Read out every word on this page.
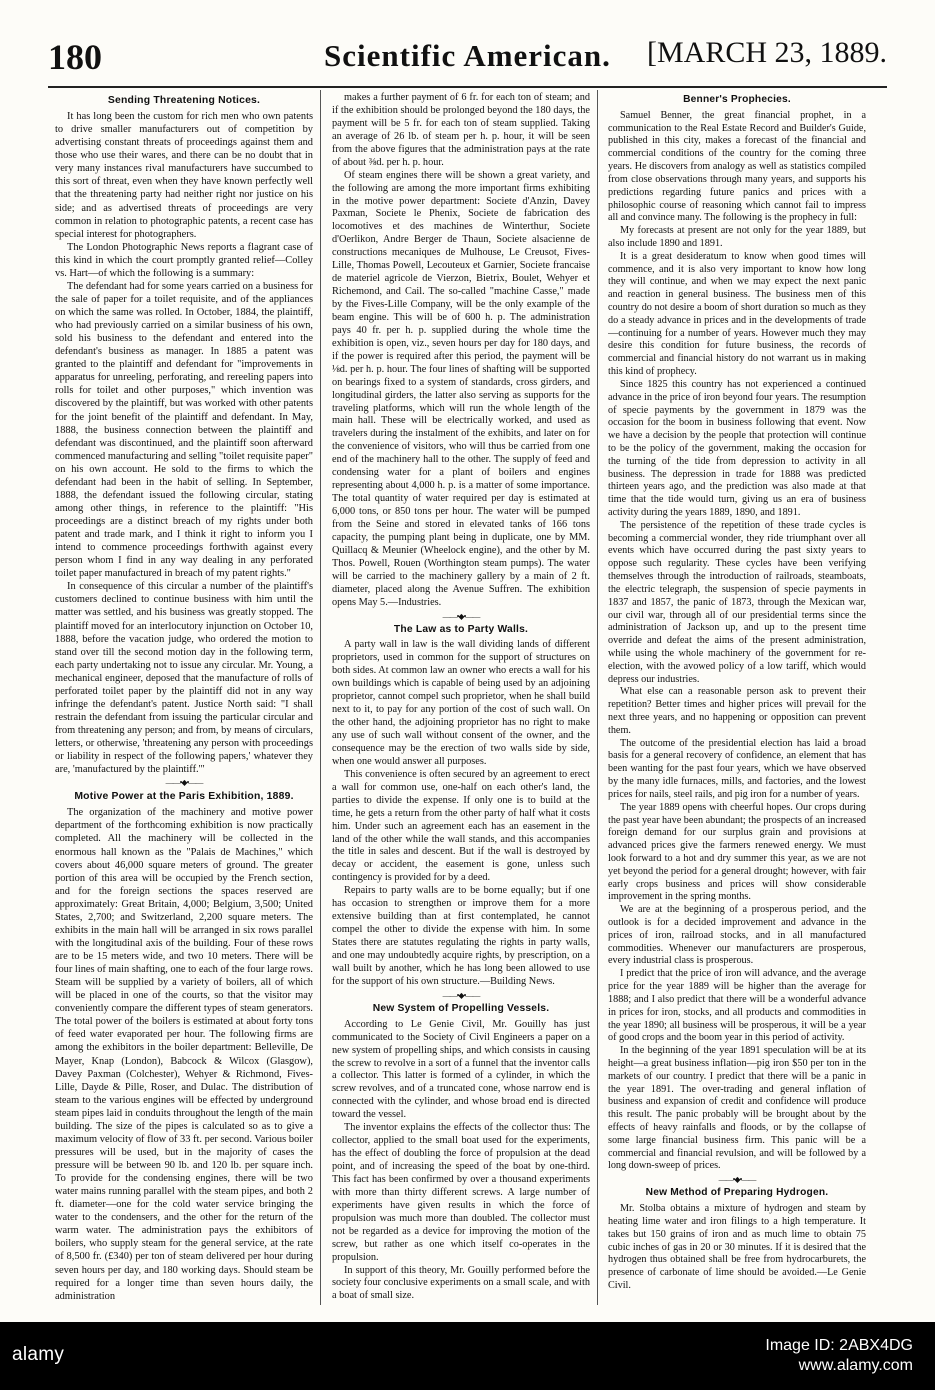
180	Scientific American.	[MARCH 23, 1889.
Sending Threatening Notices.

It has long been the custom for rich men who own patents to drive smaller manufacturers out of competition by advertising constant threats of proceedings against them and those who use their wares, and there can be no doubt that in very many instances rival manufacturers have succumbed to this sort of threat, even when they have known perfectly well that the threatening party had neither right nor justice on his side; and as advertised threats of proceedings are very common in relation to photographic patents, a recent case has special interest for photographers.

The London Photographic News reports a flagrant case of this kind in which the court promptly granted relief—Colley vs. Hart—of which the following is a summary:

The defendant had for some years carried on a business for the sale of paper for a toilet requisite, and of the appliances on which the same was rolled. In October, 1884, the plaintiff, who had previously carried on a similar business of his own, sold his business to the defendant and entered into the defendant's business as manager. In 1885 a patent was granted to the plaintiff and defendant for "improvements in apparatus for unreeling, perforating, and rereeling papers into rolls for toilet and other purposes," which invention was discovered by the plaintiff, but was worked with other patents for the joint benefit of the plaintiff and defendant. In May, 1888, the business connection between the plaintiff and defendant was discontinued, and the plaintiff soon afterward commenced manufacturing and selling "toilet requisite paper" on his own account. He sold to the firms to which the defendant had been in the habit of selling. In September, 1888, the defendant issued the following circular, stating among other things, in reference to the plaintiff: "His proceedings are a distinct breach of my rights under both patent and trade mark, and I think it right to inform you I intend to commence proceedings forthwith against every person whom I find in any way dealing in any perforated toilet paper manufactured in breach of my patent rights."

In consequence of this circular a number of the plaintiff's customers declined to continue business with him until the matter was settled, and his business was greatly stopped. The plaintiff moved for an interlocutory injunction on October 10, 1888, before the vacation judge, who ordered the motion to stand over till the second motion day in the following term, each party undertaking not to issue any circular. Mr. Young, a mechanical engineer, deposed that the manufacture of rolls of perforated toilet paper by the plaintiff did not in any way infringe the defendant's patent. Justice North said: "I shall restrain the defendant from issuing the particular circular and from threatening any person; and from, by means of circulars, letters, or otherwise, 'threatening any person with proceedings or liability in respect of the following papers,' whatever they are, 'manufactured by the plaintiff.'"

——•◆•——
Motive Power at the Paris Exhibition, 1889.

The organization of the machinery and motive power department of the forthcoming exhibition is now practically completed. All the machinery will be collected in the enormous hall known as the "Palais de Machines," which covers about 46,000 square meters of ground. The greater portion of this area will be occupied by the French section, and for the foreign sections the spaces reserved are approximately: Great Britain, 4,000; Belgium, 3,500; United States, 2,700; and Switzerland, 2,200 square meters. The exhibits in the main hall will be arranged in six rows parallel with the longitudinal axis of the building. Four of these rows are to be 15 meters wide, and two 10 meters. There will be four lines of main shafting, one to each of the four large rows. Steam will be supplied by a variety of boilers, all of which will be placed in one of the courts, so that the visitor may conveniently compare the different types of steam generators. The total power of the boilers is estimated at about forty tons of feed water evaporated per hour. The following firms are among the exhibitors in the boiler department: Belleville, De Mayer, Knap (London), Babcock & Wilcox (Glasgow), Davey Paxman (Colchester), Wehyer & Richmond, Fives-Lille, Dayde & Pille, Roser, and Dulac. The distribution of steam to the various engines will be effected by underground steam pipes laid in conduits throughout the length of the main building. The size of the pipes is calculated so as to give a maximum velocity of flow of 33 ft. per second. Various boiler pressures will be used, but in the majority of cases the pressure will be between 90 lb. and 120 lb. per square inch. To provide for the condensing engines, there will be two water mains running parallel with the steam pipes, and both 2 ft. diameter—one for the cold water service bringing the water to the condensers, and the other for the return of the warm water. The administration pays the exhibitors of boilers, who supply steam for the general service, at the rate of 8,500 fr. (£340) per ton of steam delivered per hour during seven hours per day, and 180 working days. Should steam be required for a longer time than seven hours daily, the administration

makes a further payment of 6 fr. for each ton of steam; and if the exhibition should be prolonged beyond the 180 days, the payment will be 5 fr. for each ton of steam supplied. Taking an average of 26 lb. of steam per h. p. hour, it will be seen from the above figures that the administration pays at the rate of about ⅜d. per h. p. hour.

Of steam engines there will be shown a great variety, and the following are among the more important firms exhibiting in the motive power department: Societe d'Anzin, Davey Paxman, Societe le Phenix, Societe de fabrication des locomotives et des machines de Winterthur, Societe d'Oerlikon, Andre Berger de Thaun, Societe alsacienne de constructions mecaniques de Mulhouse, Le Creusot, Fives-Lille, Thomas Powell, Lecouteux et Garnier, Societe francaise de materiel agricole de Vierzon, Bietrix, Boulet, Wehyer et Richemond, and Cail. The so-called "machine Casse," made by the Fives-Lille Company, will be the only example of the beam engine. This will be of 600 h. p. The administration pays 40 fr. per h. p. supplied during the whole time the exhibition is open, viz., seven hours per day for 180 days, and if the power is required after this period, the payment will be ⅛d. per h. p. hour. The four lines of shafting will be supported on bearings fixed to a system of standards, cross girders, and longitudinal girders, the latter also serving as supports for the traveling platforms, which will run the whole length of the main hall. These will be electrically worked, and used as travelers during the instalment of the exhibits, and later on for the convenience of visitors, who will thus be carried from one end of the machinery hall to the other. The supply of feed and condensing water for a plant of boilers and engines representing about 4,000 h. p. is a matter of some importance. The total quantity of water required per day is estimated at 6,000 tons, or 850 tons per hour. The water will be pumped from the Seine and stored in elevated tanks of 166 tons capacity, the pumping plant being in duplicate, one by MM. Quillacq & Meunier (Wheelock engine), and the other by M. Thos. Powell, Rouen (Worthington steam pumps). The water will be carried to the machinery gallery by a main of 2 ft. diameter, placed along the Avenue Suffren. The exhibition opens May 5.—Industries.

——•◆•——
The Law as to Party Walls.

A party wall in law is the wall dividing lands of different proprietors, used in common for the support of structures on both sides. At common law an owner who erects a wall for his own buildings which is capable of being used by an adjoining proprietor, cannot compel such proprietor, when he shall build next to it, to pay for any portion of the cost of such wall. On the other hand, the adjoining proprietor has no right to make any use of such wall without consent of the owner, and the consequence may be the erection of two walls side by side, when one would answer all purposes.

This convenience is often secured by an agreement to erect a wall for common use, one-half on each other's land, the parties to divide the expense. If only one is to build at the time, he gets a return from the other party of half what it costs him. Under such an agreement each has an easement in the land of the other while the wall stands, and this accompanies the title in sales and descent. But if the wall is destroyed by decay or accident, the easement is gone, unless such contingency is provided for by a deed.

Repairs to party walls are to be borne equally; but if one has occasion to strengthen or improve them for a more extensive building than at first contemplated, he cannot compel the other to divide the expense with him. In some States there are statutes regulating the rights in party walls, and one may undoubtedly acquire rights, by prescription, on a wall built by another, which he has long been allowed to use for the support of his own structure.—Building News.

——•◆•——
New System of Propelling Vessels.

According to Le Genie Civil, Mr. Gouilly has just communicated to the Society of Civil Engineers a paper on a new system of propelling ships, and which consists in causing the screw to revolve in a sort of a funnel that the inventor calls a collector. This latter is formed of a cylinder, in which the screw revolves, and of a truncated cone, whose narrow end is connected with the cylinder, and whose broad end is directed toward the vessel.

The inventor explains the effects of the collector thus: The collector, applied to the small boat used for the experiments, has the effect of doubling the force of propulsion at the dead point, and of increasing the speed of the boat by one-third. This fact has been confirmed by over a thousand experiments with more than thirty different screws. A large number of experiments have given results in which the force of propulsion was much more than doubled. The collector must not be regarded as a device for improving the motion of the screw, but rather as one which itself co-operates in the propulsion.

In support of this theory, Mr. Gouilly performed before the society four conclusive experiments on a small scale, and with a boat of small size.

Benner's Prophecies.

Samuel Benner, the great financial prophet, in a communication to the Real Estate Record and Builder's Guide, published in this city, makes a forecast of the financial and commercial conditions of the country for the coming three years. He discovers from analogy as well as statistics compiled from close observations through many years, and supports his predictions regarding future panics and prices with a philosophic course of reasoning which cannot fail to impress all and convince many. The following is the prophecy in full:

My forecasts at present are not only for the year 1889, but also include 1890 and 1891.

It is a great desideratum to know when good times will commence, and it is also very important to know how long they will continue, and when we may expect the next panic and reaction in general business. The business men of this country do not desire a boom of short duration so much as they do a steady advance in prices and in the developments of trade—continuing for a number of years. However much they may desire this condition for future business, the records of commercial and financial history do not warrant us in making this kind of prophecy.

Since 1825 this country has not experienced a continued advance in the price of iron beyond four years. The resumption of specie payments by the government in 1879 was the occasion for the boom in business following that event. Now we have a decision by the people that protection will continue to be the policy of the government, making the occasion for the turning of the tide from depression to activity in all business. The depression in trade for 1888 was predicted thirteen years ago, and the prediction was also made at that time that the tide would turn, giving us an era of business activity during the years 1889, 1890, and 1891.

The persistence of the repetition of these trade cycles is becoming a commercial wonder, they ride triumphant over all events which have occurred during the past sixty years to oppose such regularity. These cycles have been verifying themselves through the introduction of railroads, steamboats, the electric telegraph, the suspension of specie payments in 1837 and 1857, the panic of 1873, through the Mexican war, our civil war, through all of our presidential terms since the administration of Jackson up, and up to the present time override and defeat the aims of the present administration, while using the whole machinery of the government for re-election, with the avowed policy of a low tariff, which would depress our industries.

What else can a reasonable person ask to prevent their repetition? Better times and higher prices will prevail for the next three years, and no happening or opposition can prevent them.

The outcome of the presidential election has laid a broad basis for a general recovery of confidence, an element that has been wanting for the past four years, which we have observed by the many idle furnaces, mills, and factories, and the lowest prices for nails, steel rails, and pig iron for a number of years.

The year 1889 opens with cheerful hopes. Our crops during the past year have been abundant; the prospects of an increased foreign demand for our surplus grain and provisions at advanced prices give the farmers renewed energy. We must look forward to a hot and dry summer this year, as we are not yet beyond the period for a general drought; however, with fair early crops business and prices will show considerable improvement in the spring months.

We are at the beginning of a prosperous period, and the outlook is for a decided improvement and advance in the prices of iron, railroad stocks, and in all manufactured commodities. Whenever our manufacturers are prosperous, every industrial class is prosperous.

I predict that the price of iron will advance, and the average price for the year 1889 will be higher than the average for 1888; and I also predict that there will be a wonderful advance in prices for iron, stocks, and all products and commodities in the year 1890; all business will be prosperous, it will be a year of good crops and the boom year in this period of activity.

In the beginning of the year 1891 speculation will be at its height—a great business inflation—pig iron $50 per ton in the markets of our country. I predict that there will be a panic in the year 1891. The over-trading and general inflation of business and expansion of credit and confidence will produce this result. The panic probably will be brought about by the effects of heavy rainfalls and floods, or by the collapse of some large financial business firm. This panic will be a commercial and financial revulsion, and will be followed by a long down-sweep of prices.

——•◆•——
New Method of Preparing Hydrogen.

Mr. Stolba obtains a mixture of hydrogen and steam by heating lime water and iron filings to a high temperature. It takes but 150 grains of iron and as much lime to obtain 75 cubic inches of gas in 20 or 30 minutes. If it is desired that the hydrogen thus obtained shall be free from hydrocarburets, the presence of carbonate of lime should be avoided.—Le Genie Civil.

alamy	Image ID: 2ABX4DG
www.alamy.com
